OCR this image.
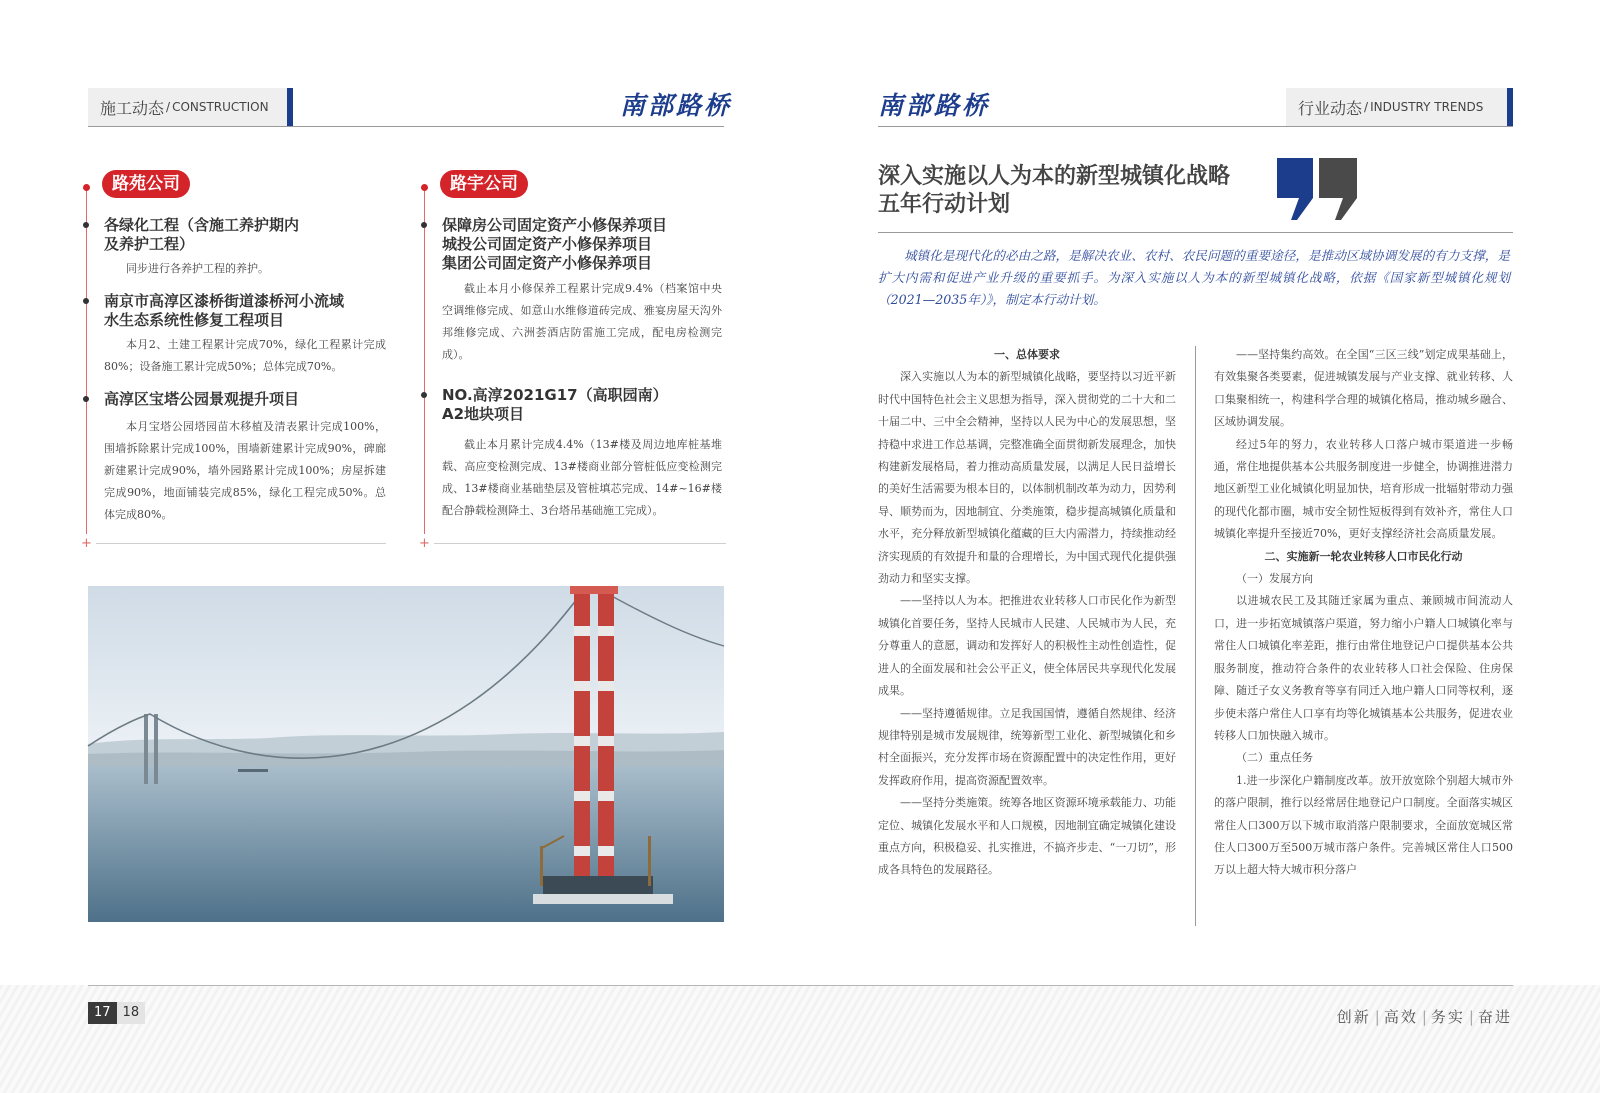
施工动态 / CONSTRUCTION	南部路桥
路苑公司
各绿化工程（含施工养护期内
及养护工程）

同步进行各养护工程的养护。

南京市高淳区漆桥街道漆桥河小流域
水生态系统性修复工程项目

本月2、土建工程累计完成70%，绿化工程累计完成80%；设备施工累计完成50%；总体完成70%。

高淳区宝塔公园景观提升项目

本月宝塔公园塔园苗木移植及清表累计完成100%，围墙拆除累计完成100%，围墙新建累计完成90%，碑廊新建累计完成90%，墙外园路累计完成100%；房屋拆建完成90%，地面铺装完成85%，绿化工程完成50%。总体完成80%。

+
路宇公司
保障房公司固定资产小修保养项目
城投公司固定资产小修保养项目
集团公司固定资产小修保养项目

截止本月小修保养工程累计完成9.4%（档案馆中央空调维修完成、如意山水维修道砖完成、雅宴房屋天沟外邦维修完成、六洲荟酒店防雷施工完成，配电房检测完成）。

NO.高淳2021G17（高职园南）
A2地块项目

截止本月累计完成4.4%（13#楼及周边地库桩基堆载、高应变检测完成、13#楼商业部分管桩低应变检测完成、13#楼商业基础垫层及管桩填芯完成、14#~16#楼配合静载检测降土、3台塔吊基础施工完成）。

+
南部路桥	行业动态 / INDUSTRY TRENDS
深入实施以人为本的新型城镇化战略
五年行动计划

城镇化是现代化的必由之路，是解决农业、农村、农民问题的重要途径，是推动区域协调发展的有力支撑，是扩大内需和促进产业升级的重要抓手。为深入实施以人为本的新型城镇化战略，依据《国家新型城镇化规划（2021—2035年）》，制定本行动计划。

一、总体要求

深入实施以人为本的新型城镇化战略，要坚持以习近平新时代中国特色社会主义思想为指导，深入贯彻党的二十大和二十届二中、三中全会精神，坚持以人民为中心的发展思想，坚持稳中求进工作总基调，完整准确全面贯彻新发展理念，加快构建新发展格局，着力推动高质量发展，以满足人民日益增长的美好生活需要为根本目的，以体制机制改革为动力，因势利导、顺势而为，因地制宜、分类施策，稳步提高城镇化质量和水平，充分释放新型城镇化蕴藏的巨大内需潜力，持续推动经济实现质的有效提升和量的合理增长，为中国式现代化提供强劲动力和坚实支撑。

——坚持以人为本。把推进农业转移人口市民化作为新型城镇化首要任务，坚持人民城市人民建、人民城市为人民，充分尊重人的意愿，调动和发挥好人的积极性主动性创造性，促进人的全面发展和社会公平正义，使全体居民共享现代化发展成果。

——坚持遵循规律。立足我国国情，遵循自然规律、经济规律特别是城市发展规律，统筹新型工业化、新型城镇化和乡村全面振兴，充分发挥市场在资源配置中的决定性作用，更好发挥政府作用，提高资源配置效率。

——坚持分类施策。统筹各地区资源环境承载能力、功能定位、城镇化发展水平和人口规模，因地制宜确定城镇化建设重点方向，积极稳妥、扎实推进，不搞齐步走、“一刀切”，形成各具特色的发展路径。

——坚持集约高效。在全国“三区三线”划定成果基础上，有效集聚各类要素，促进城镇发展与产业支撑、就业转移、人口集聚相统一，构建科学合理的城镇化格局，推动城乡融合、区域协调发展。

经过5年的努力，农业转移人口落户城市渠道进一步畅通，常住地提供基本公共服务制度进一步健全，协调推进潜力地区新型工业化城镇化明显加快，培育形成一批辐射带动力强的现代化都市圈，城市安全韧性短板得到有效补齐，常住人口城镇化率提升至接近70%，更好支撑经济社会高质量发展。

二、实施新一轮农业转移人口市民化行动

（一）发展方向

以进城农民工及其随迁家属为重点、兼顾城市间流动人口，进一步拓宽城镇落户渠道，努力缩小户籍人口城镇化率与常住人口城镇化率差距，推行由常住地登记户口提供基本公共服务制度，推动符合条件的农业转移人口社会保险、住房保障、随迁子女义务教育等享有同迁入地户籍人口同等权利，逐步使未落户常住人口享有均等化城镇基本公共服务，促进农业转移人口加快融入城市。

（二）重点任务

1.进一步深化户籍制度改革。放开放宽除个别超大城市外的落户限制，推行以经常居住地登记户口制度。全面落实城区常住人口300万以下城市取消落户限制要求，全面放宽城区常住人口300万至500万城市落户条件。完善城区常住人口500万以上超大特大城市积分落户

17 18	创新 | 高效 | 务实 | 奋进
